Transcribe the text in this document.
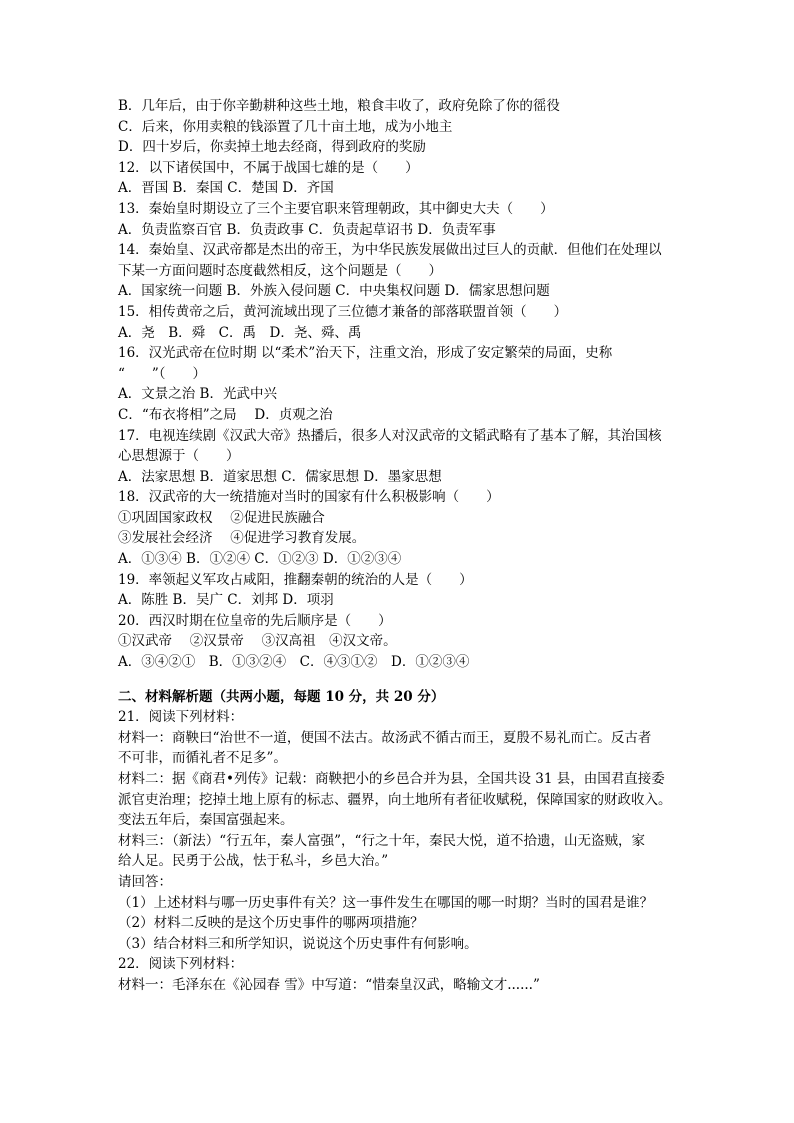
B．几年后，由于你辛勤耕种这些土地，粮食丰收了，政府免除了你的徭役
C．后来，你用卖粮的钱添置了几十亩土地，成为小地主
D．四十岁后，你卖掉土地去经商，得到政府的奖励
12．以下诸侯国中，不属于战国七雄的是（　　）
A．晋国 B．秦国 C．楚国 D．齐国
13．秦始皇时期设立了三个主要官职来管理朝政，其中御史大夫（　　）
A．负责监察百官 B．负责政事 C．负责起草诏书 D．负责军事
14．秦始皇、汉武帝都是杰出的帝王，为中华民族发展做出过巨人的贡献．但他们在处理以
下某一方面问题时态度截然相反，这个问题是（　　）
A．国家统一问题 B．外族入侵问题 C．中央集权问题 D．儒家思想问题
15．相传黄帝之后，黄河流域出现了三位德才兼备的部落联盟首领（　　）
A．尧　B．舜　C．禹　D．尧、舜、禹
16．汉光武帝在位时期 以“柔术”治天下，注重文治，形成了安定繁荣的局面，史称
“　　”（　　）
A．文景之治 B．光武中兴
C．“布衣将相”之局　 D．贞观之治
17．电视连续剧《汉武大帝》热播后，很多人对汉武帝的文韬武略有了基本了解，其治国核
心思想源于（　　）
A．法家思想 B．道家思想 C．儒家思想 D．墨家思想
18．汉武帝的大一统措施对当时的国家有什么积极影响（　　）
①巩固国家政权　 ②促进民族融合
③发展社会经济　 ④促进学习教育发展。
A．①③④ B．①②④ C．①②③ D．①②③④
19．率领起义军攻占咸阳，推翻秦朝的统治的人是（　　）
A．陈胜 B．吴广 C．刘邦 D．项羽
20．西汉时期在位皇帝的先后顺序是（　　）
①汉武帝　 ②汉景帝　 ③汉高祖　④汉文帝。
A．③④②①　B．①③②④　C．④③①②　D．①②③④
二、材料解析题（共两小题，每题 10 分，共 20 分）
21．阅读下列材料：
材料一：商鞅曰“治世不一道，便国不法古。故汤武不循古而王，夏殷不易礼而亡。反古者
不可非，而循礼者不足多”。
材料二：据《商君•列传》记载：商鞅把小的乡邑合并为县，全国共设 31 县，由国君直接委
派官吏治理；挖掉土地上原有的标志、疆界，向土地所有者征收赋税，保障国家的财政收入。
变法五年后，秦国富强起来。
材料三：（新法）“行五年，秦人富强”，“行之十年，秦民大悦，道不拾遗，山无盗贼，家
给人足。民勇于公战，怯于私斗，乡邑大治。”
请回答：
（1）上述材料与哪一历史事件有关？这一事件发生在哪国的哪一时期？当时的国君是谁？
（2）材料二反映的是这个历史事件的哪两项措施？
（3）结合材料三和所学知识，说说这个历史事件有何影响。
22．阅读下列材料：
材料一：毛泽东在《沁园春 雪》中写道：“惜秦皇汉武，略输文才......”
